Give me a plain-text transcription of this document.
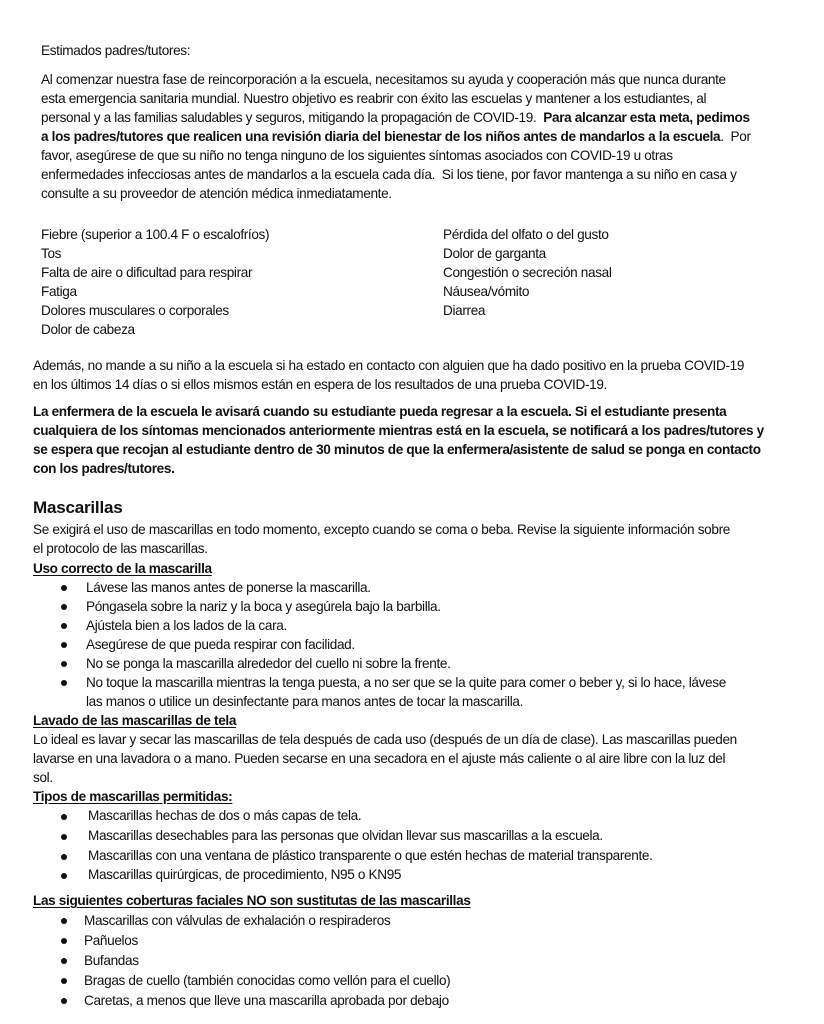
Estimados padres/tutores:
Al comenzar nuestra fase de reincorporación a la escuela, necesitamos su ayuda y cooperación más que nunca durante
esta emergencia sanitaria mundial. Nuestro objetivo es reabrir con éxito las escuelas y mantener a los estudiantes, al
personal y a las familias saludables y seguros, mitigando la propagación de COVID-19.  Para alcanzar esta meta, pedimos
a los padres/tutores que realicen una revisión diaria del bienestar de los niños antes de mandarlos a la escuela.  Por
favor, asegúrese de que su niño no tenga ninguno de los siguientes síntomas asociados con COVID-19 u otras
enfermedades infecciosas antes de mandarlos a la escuela cada día.  Si los tiene, por favor mantenga a su niño en casa y
consulte a su proveedor de atención médica inmediatamente.
Fiebre (superior a 100.4 F o escalofríos)
Tos
Falta de aire o dificultad para respirar
Fatiga
Dolores musculares o corporales
Dolor de cabeza
Pérdida del olfato o del gusto
Dolor de garganta
Congestión o secreción nasal
Náusea/vómito
Diarrea
Además, no mande a su niño a la escuela si ha estado en contacto con alguien que ha dado positivo en la prueba COVID-19
en los últimos 14 días o si ellos mismos están en espera de los resultados de una prueba COVID-19.
La enfermera de la escuela le avisará cuando su estudiante pueda regresar a la escuela. Si el estudiante presenta
cualquiera de los síntomas mencionados anteriormente mientras está en la escuela, se notificará a los padres/tutores y
se espera que recojan al estudiante dentro de 30 minutos de que la enfermera/asistente de salud se ponga en contacto
con los padres/tutores.
Mascarillas
Se exigirá el uso de mascarillas en todo momento, excepto cuando se coma o beba. Revise la siguiente información sobre
el protocolo de las mascarillas.
Uso correcto de la mascarilla
Lávese las manos antes de ponerse la mascarilla.
Póngasela sobre la nariz y la boca y asegúrela bajo la barbilla.
Ajústela bien a los lados de la cara.
Asegúrese de que pueda respirar con facilidad.
No se ponga la mascarilla alrededor del cuello ni sobre la frente.
No toque la mascarilla mientras la tenga puesta, a no ser que se la quite para comer o beber y, si lo hace, lávese
las manos o utilice un desinfectante para manos antes de tocar la mascarilla.
Lavado de las mascarillas de tela
Lo ideal es lavar y secar las mascarillas de tela después de cada uso (después de un día de clase). Las mascarillas pueden
lavarse en una lavadora o a mano. Pueden secarse en una secadora en el ajuste más caliente o al aire libre con la luz del
sol.
Tipos de mascarillas permitidas:
Mascarillas hechas de dos o más capas de tela.
Mascarillas desechables para las personas que olvidan llevar sus mascarillas a la escuela.
Mascarillas con una ventana de plástico transparente o que estén hechas de material transparente.
Mascarillas quirúrgicas, de procedimiento, N95 o KN95
Las siguientes coberturas faciales NO son sustitutas de las mascarillas
Mascarillas con válvulas de exhalación o respiraderos
Pañuelos
Bufandas
Bragas de cuello (también conocidas como vellón para el cuello)
Caretas, a menos que lleve una mascarilla aprobada por debajo
